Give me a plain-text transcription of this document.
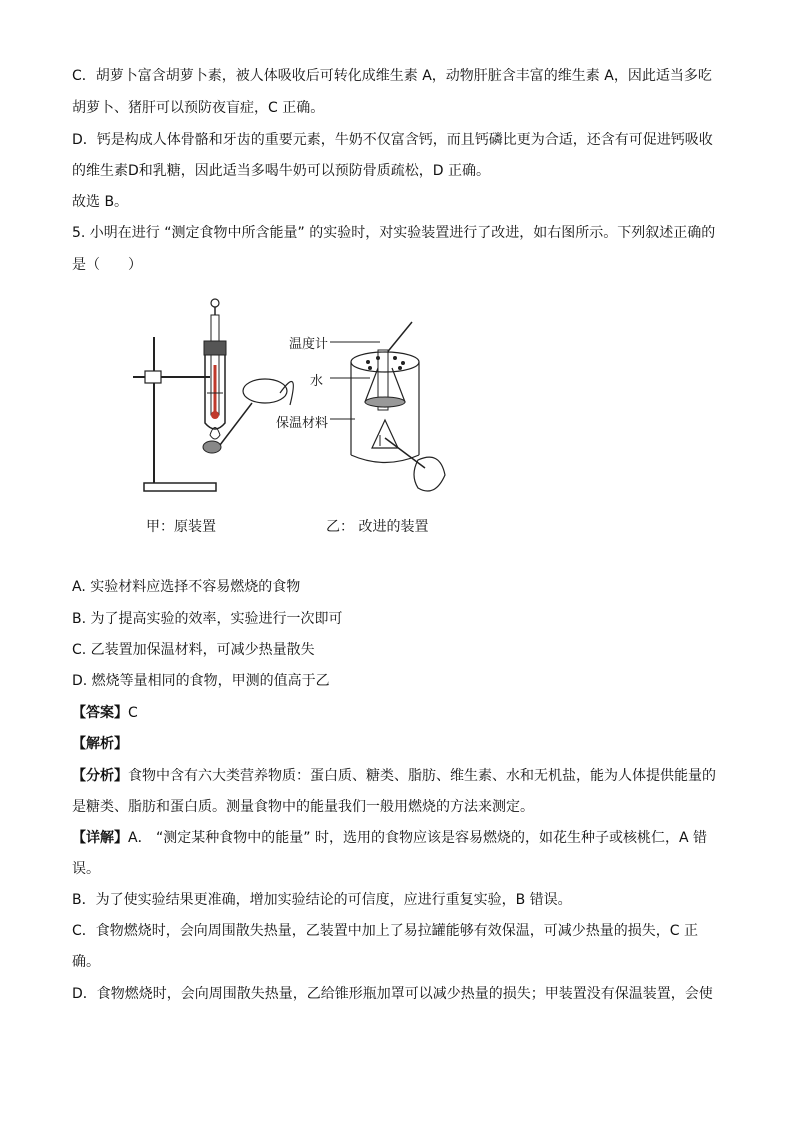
C．胡萝卜富含胡萝卜素，被人体吸收后可转化成维生素 A，动物肝脏含丰富的维生素 A，因此适当多吃
胡萝卜、猪肝可以预防夜盲症，C 正确。
D．钙是构成人体骨骼和牙齿的重要元素，牛奶不仅富含钙，而且钙磷比更为合适，还含有可促进钙吸收
的维生素D和乳糖，因此适当多喝牛奶可以预防骨质疏松，D 正确。
故选 B。
5. 小明在进行 “测定食物中所含能量” 的实验时，对实验装置进行了改进，如右图所示。下列叙述正确的
是（　　）
温度计
水
保温材料
甲：原装置	乙： 改进的装置
A. 实验材料应选择不容易燃烧的食物
B. 为了提高实验的效率，实验进行一次即可
C. 乙装置加保温材料，可减少热量散失
D. 燃烧等量相同的食物，甲测的值高于乙
【答案】C
【解析】
【分析】食物中含有六大类营养物质：蛋白质、糖类、脂肪、维生素、水和无机盐，能为人体提供能量的
是糖类、脂肪和蛋白质。测量食物中的能量我们一般用燃烧的方法来测定。
【详解】A． “测定某种食物中的能量” 时，选用的食物应该是容易燃烧的，如花生种子或核桃仁，A 错
误。
B．为了使实验结果更准确，增加实验结论的可信度，应进行重复实验，B 错误。
C．食物燃烧时，会向周围散失热量，乙装置中加上了易拉罐能够有效保温，可减少热量的损失，C 正
确。
D．食物燃烧时，会向周围散失热量，乙给锥形瓶加罩可以减少热量的损失；甲装置没有保温装置，会使
